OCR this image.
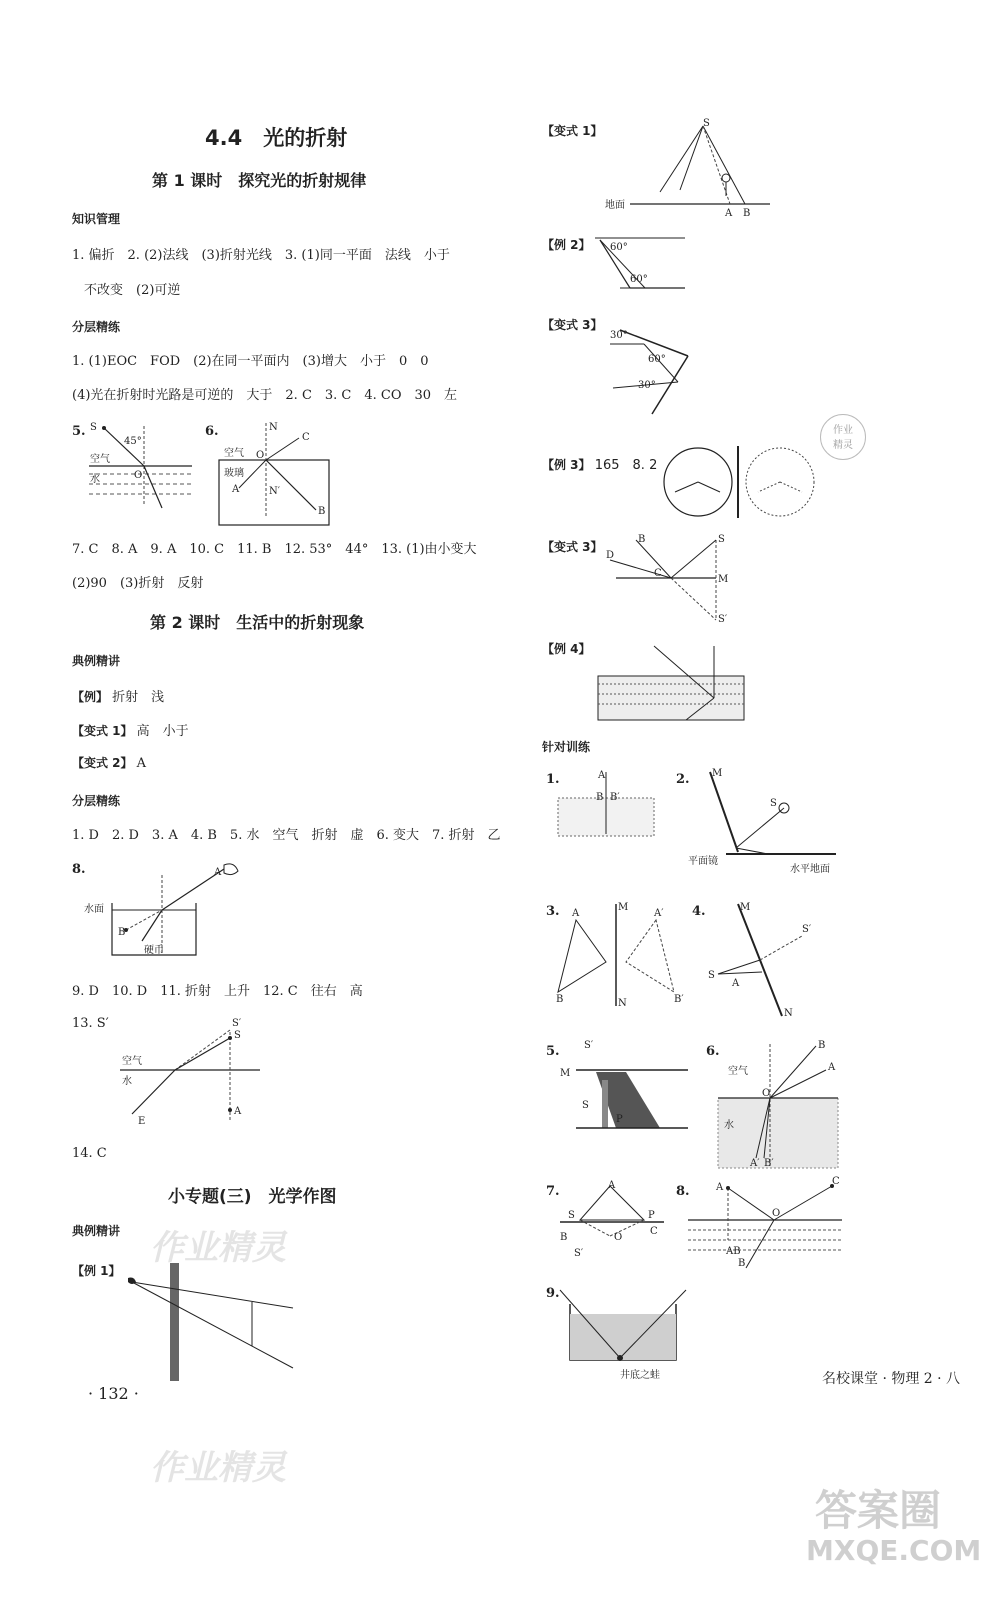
4.4　光的折射
第 1 课时　探究光的折射规律
知识管理
1. 偏折　2. (2)法线　(3)折射光线　3. (1)同一平面　法线　小于
不改变　(2)可逆
分层精练
1. (1)EOC　FOD　(2)在同一平面内　(3)增大　小于　0　0
(4)光在折射时光路是可逆的　大于　2. C　3. C　4. CO　30　左
5. S
45°
空气
水	O
6.	N
C
空气
玻璃
O
A	N′
B
7. C　8. A　9. A　10. C　11. B　12. 53°　44°　13. (1)由小变大
(2)90　(3)折射　反射
第 2 课时　生活中的折射现象
典例精讲
【例】 折射　浅
【变式 1】 高　小于
【变式 2】 A
分层精练
1. D　2. D　3. A　4. B　5. 水　空气　折射　虚　6. 变大　7. 折射　乙
8.
水面
B
A
硬币
9. D　10. D　11. 折射　上升　12. C　往右　高
13. S′	S′
S
空气
水
A
E
14. C
小专题(三)　光学作图
典例精讲
【例 1】
· 132 ·
【变式 1】
S
地面
A B
【例 2】 60°
60°
【变式 3】
30°
60°
30°
【例 3】 165　8. 2
【变式 3】
S
M
S′
B
D
C
【例 4】
针对训练
1.	A
B B′
2. M
S
平面镜
水平地面
3. A	A′
B	B′
M
N
4.	M
S′
S
A
N
5. S′
M
S
P
6.
空气
水
O
B
A
A′ B′
7.	A
S
B
S′
O
C
P
8.	A
C
O
AB
B
9.
井底之蛙	名校课堂 · 物理 2 · 八
作业
精灵
作业精灵
作业精灵
答案圈
MXQE.COM
